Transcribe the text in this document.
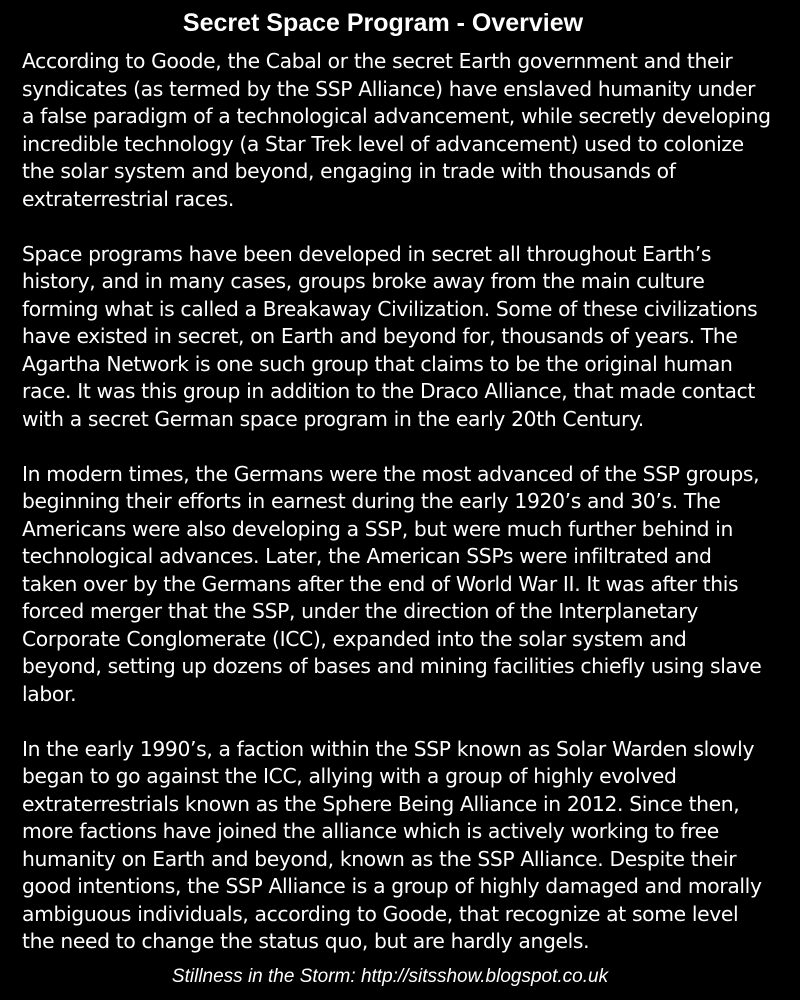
Secret Space Program - Overview

According to Goode, the Cabal or the secret Earth government and their
syndicates (as termed by the SSP Alliance) have enslaved humanity under
a false paradigm of a technological advancement, while secretly developing
incredible technology (a Star Trek level of advancement) used to colonize
the solar system and beyond, engaging in trade with thousands of
extraterrestrial races.

Space programs have been developed in secret all throughout Earth’s
history, and in many cases, groups broke away from the main culture
forming what is called a Breakaway Civilization. Some of these civilizations
have existed in secret, on Earth and beyond for, thousands of years. The
Agartha Network is one such group that claims to be the original human
race. It was this group in addition to the Draco Alliance, that made contact
with a secret German space program in the early 20th Century.

In modern times, the Germans were the most advanced of the SSP groups,
beginning their efforts in earnest during the early 1920’s and 30’s. The
Americans were also developing a SSP, but were much further behind in
technological advances. Later, the American SSPs were infiltrated and
taken over by the Germans after the end of World War II. It was after this
forced merger that the SSP, under the direction of the Interplanetary
Corporate Conglomerate (ICC), expanded into the solar system and
beyond, setting up dozens of bases and mining facilities chiefly using slave
labor.

In the early 1990’s, a faction within the SSP known as Solar Warden slowly
began to go against the ICC, allying with a group of highly evolved
extraterrestrials known as the Sphere Being Alliance in 2012. Since then,
more factions have joined the alliance which is actively working to free
humanity on Earth and beyond, known as the SSP Alliance. Despite their
good intentions, the SSP Alliance is a group of highly damaged and morally
ambiguous individuals, according to Goode, that recognize at some level
the need to change the status quo, but are hardly angels.

Stillness in the Storm: http://sitsshow.blogspot.co.uk
